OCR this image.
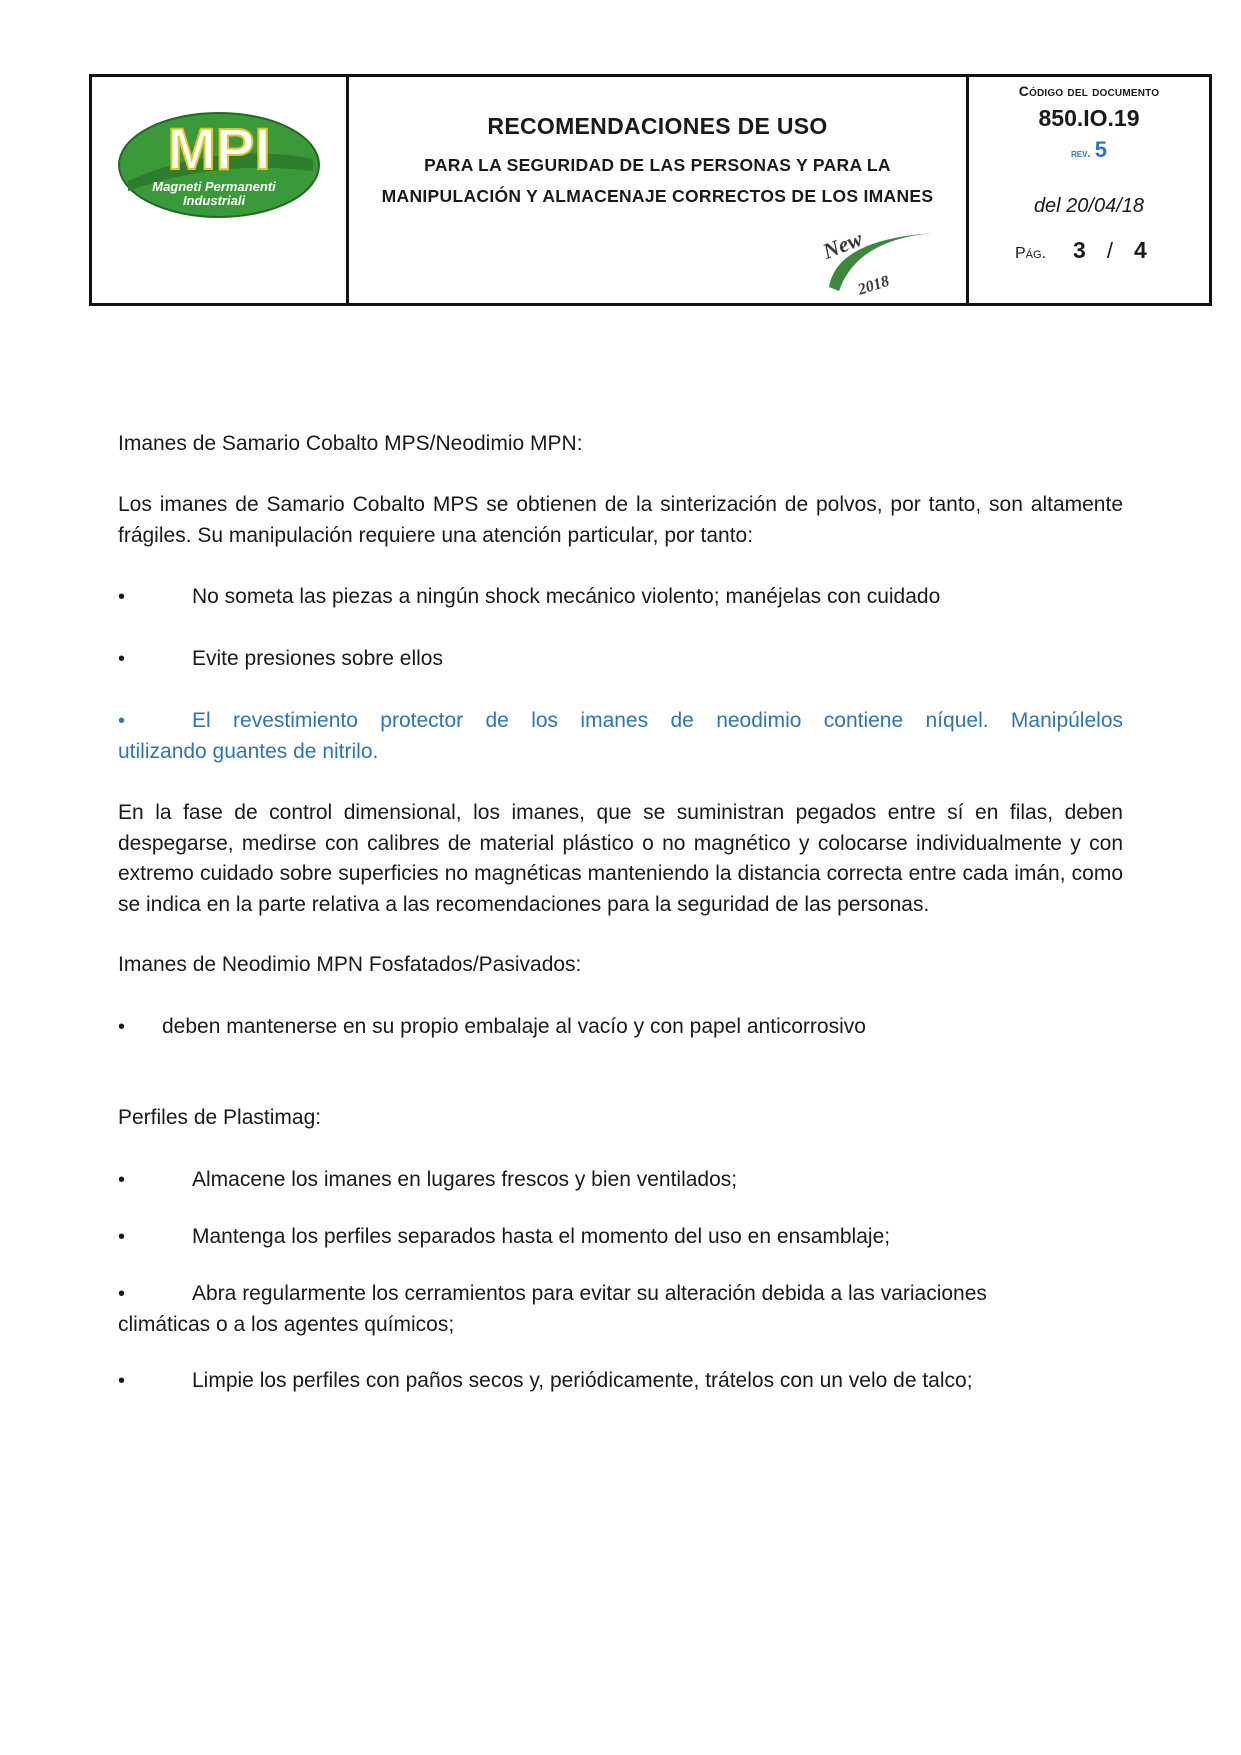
MPI
Magneti Permanenti
Industriali
RECOMENDACIONES DE USO
PARA LA SEGURIDAD DE LAS PERSONAS Y PARA LA
MANIPULACIÓN Y ALMACENAJE CORRECTOS DE LOS IMANES
New
2018
Código del documento
850.IO.19
rev. 5
del 20/04/18
Pág. 3 / 4
Imanes de Samario Cobalto MPS/Neodimio MPN:
Los imanes de Samario Cobalto MPS se obtienen de la sinterización de polvos, por tanto, son altamente frágiles. Su manipulación requiere una atención particular, por tanto:
•	No someta las piezas a ningún shock mecánico violento; manéjelas con cuidado
•	Evite presiones sobre ellos
•	El revestimiento protector de los imanes de neodimio contiene níquel. Manipúlelos
utilizando guantes de nitrilo.
En la fase de control dimensional, los imanes, que se suministran pegados entre sí en filas, deben despegarse, medirse con calibres de material plástico o no magnético y colocarse individualmente y con extremo cuidado sobre superficies no magnéticas manteniendo la distancia correcta entre cada imán, como se indica en la parte relativa a las recomendaciones para la seguridad de las personas.
Imanes de Neodimio MPN Fosfatados/Pasivados:
• deben mantenerse en su propio embalaje al vacío y con papel anticorrosivo
Perfiles de Plastimag:
•	Almacene los imanes en lugares frescos y bien ventilados;
•	Mantenga los perfiles separados hasta el momento del uso en ensamblaje;
•	Abra regularmente los cerramientos para evitar su alteración debida a las variaciones
climáticas o a los agentes químicos;
•	Limpie los perfiles con paños secos y, periódicamente, trátelos con un velo de talco;
